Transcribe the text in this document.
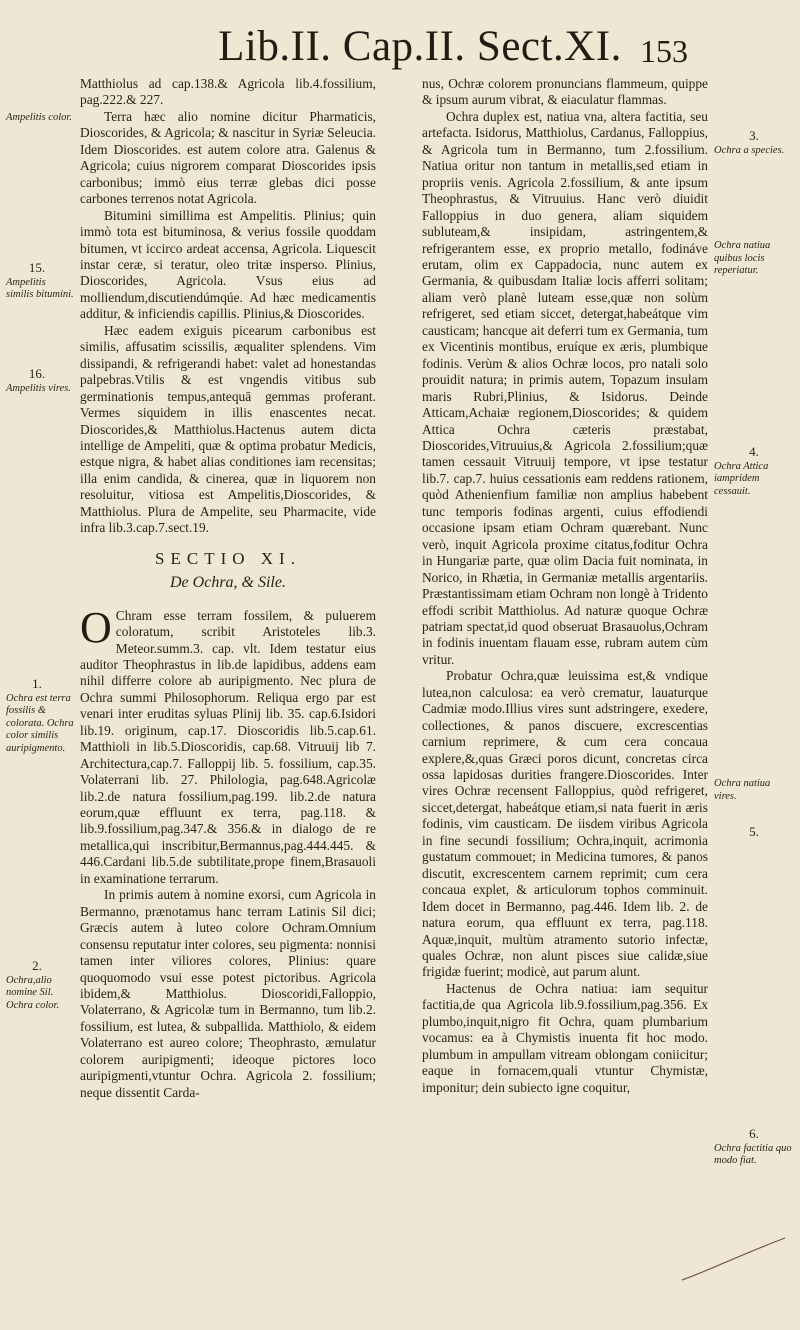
Lib.II. Cap.II. Sect.XI. 153
Ampelitis color.
15.
Ampelitis similis bitumini.
16.
Ampelitis vires.
1.
Ochra est terra fossilis & colorata. Ochra color similis auripigmento.
2.
Ochra,alio nomine Sil. Ochra color.

Matthiolus ad cap.138.& Agricola lib.4.fossilium, pag.222.& 227.

Terra hæc alio nomine dicitur Pharmaticis, Dioscorides, & Agricola; & nascitur in Syriæ Seleucia. Idem Dioscorides. est autem colore atra. Galenus & Agricola; cuius nigrorem comparat Dioscorides ipsis carbonibus; immò eius terræ glebas dici posse carbones terrenos notat Agricola.

Bitumini simillima est Ampelitis. Plinius; quin immò tota est bituminosa, & verius fossile quoddam bitumen, vt iccirco ardeat accensa, Agricola. Liquescit instar ceræ, si teratur, oleo tritæ insperso. Plinius, Dioscorides, Agricola. Vsus eius ad molliendum,discutiendúmqúe. Ad hæc medicamentis additur, & inficiendis capillis. Plinius,& Dioscorides.

Hæc eadem exiguis picearum carbonibus est similis, affusatim scissilis, æqualiter splendens. Vim dissipandi, & refrigerandi habet: valet ad honestandas palpebras.Vtilis & est vngendis vitibus sub germinationis tempus,antequā gemmas proferant. Vermes siquidem in illis enascentes necat. Dioscorides,& Matthiolus.Hactenus autem dicta intellige de Ampeliti, quæ & optima probatur Medicis, estque nigra, & habet alias conditiones iam recensitas; illa enim candida, & cinerea, quæ in liquorem non resoluitur, vitiosa est Ampelitis,Dioscorides, & Matthiolus. Plura de Ampelite, seu Pharmacite, vide infra lib.3.cap.7.sect.19.

SECTIO XI.
De Ochra, & Sile.

O Chram esse terram fossilem, & puluerem coloratum, scribit Aristoteles lib.3. Meteor.summ.3. cap. vlt. Idem testatur eius auditor Theophrastus in lib.de lapidibus, addens eam nihil differre colore ab auripigmento. Nec plura de Ochra summi Philosophorum. Reliqua ergo par est venari inter eruditas syluas Plinij lib. 35. cap.6.Isidori lib.19. originum, cap.17. Dioscoridis lib.5.cap.61. Matthioli in lib.5.Dioscoridis, cap.68. Vitruuij lib 7. Architectura,cap.7. Falloppij lib. 5. fossilium, cap.35. Volaterrani lib. 27. Philologia, pag.648.Agricolæ lib.2.de natura fossilium,pag.199. lib.2.de natura eorum,quæ effluunt ex terra, pag.118. & lib.9.fossilium,pag.347.& 356.& in dialogo de re metallica,qui inscribitur,Bermannus,pag.444.445. & 446.Cardani lib.5.de subtilitate,prope finem,Brasauoli in examinatione terrarum.

In primis autem à nomine exorsi, cum Agricola in Bermanno, prænotamus hanc terram Latinis Sil dici; Græcis autem à luteo colore Ochram.Omnium consensu reputatur inter colores, seu pigmenta: nonnisi tamen inter viliores colores, Plinius: quare quoquomodo vsui esse potest pictoribus. Agricola ibidem,& Matthiolus. Dioscoridi,Falloppio, Volaterrano, & Agricolæ tum in Bermanno, tum lib.2. fossilium, est lutea, & subpallida. Matthiolo, & eidem Volaterrano est aureo colore; Theophrasto, æmulatur colorem auripigmenti; ideoque pictores loco auripigmenti,vtuntur Ochra. Agricola 2. fossilium; neque dissentit Carda-

nus, Ochræ colorem pronuncians flammeum, quippe & ipsum aurum vibrat, & eiaculatur flammas.

Ochra duplex est, natiua vna, altera factitia, seu artefacta. Isidorus, Matthiolus, Cardanus, Falloppius, & Agricola tum in Bermanno, tum 2.fossilium. Natiua oritur non tantum in metallis,sed etiam in propriis venis. Agricola 2.fossilium, & ante ipsum Theophrastus, & Vitruuius. Hanc verò diuidit Falloppius in duo genera, aliam siquidem subluteam,& insipidam, astringentem,& refrigerantem esse, ex proprio metallo, fodináve erutam, olim ex Cappadocia, nunc autem ex Germania, & quibusdam Italiæ locis afferri solitam; aliam verò planè luteam esse,quæ non solùm refrigeret, sed etiam siccet, detergat,habeátque vim causticam; hancque ait deferri tum ex Germania, tum ex Vicentinis montibus, eruíque ex æris, plumbique fodinis. Verùm & alios Ochræ locos, pro natali solo prouidit natura; in primis autem, Topazum insulam maris Rubri,Plinius, & Isidorus. Deinde Atticam,Achaiæ regionem,Dioscorides; & quidem Attica Ochra cæteris præstabat, Dioscorides,Vitruuius,& Agricola 2.fossilium;quæ tamen cessauit Vitruuij tempore, vt ipse testatur lib.7. cap.7. huius cessationis eam reddens rationem, quòd Athenienfium familiæ non amplius habebent tunc temporis fodinas argenti, cuius effodiendi occasione ipsam etiam Ochram quærebant. Nunc verò, inquit Agricola proxime citatus,foditur Ochra in Hungariæ parte, quæ olim Dacia fuit nominata, in Norico, in Rhætia, in Germaniæ metallis argentariis. Præstantissimam etiam Ochram non longè à Tridento effodi scribit Matthiolus. Ad naturæ quoque Ochræ patriam spectat,id quod obseruat Brasauolus,Ochram in fodinis inuentam flauam esse, rubram autem cùm vritur.

Probatur Ochra,quæ leuissima est,& vndique lutea,non calculosa: ea verò crematur, lauaturque Cadmiæ modo.Illius vires sunt adstringere, exedere, collectiones, & panos discuere, excrescentias carnium reprimere, & cum cera concaua explere,&,quas Græci poros dicunt, concretas circa ossa lapidosas durities frangere.Dioscorides. Inter vires Ochræ recensent Falloppius, quòd refrigeret, siccet,detergat, habeátque etiam,si nata fuerit in æris fodinis, vim causticam. De iisdem viribus Agricola in fine secundi fossilium; Ochra,inquit, acrimonia gustatum commouet; in Medicina tumores, & panos discutit, excrescentem carnem reprimit; cum cera concaua explet, & articulorum tophos comminuit. Idem docet in Bermanno, pag.446. Idem lib. 2. de natura eorum, qua effluunt ex terra, pag.118. Aquæ,inquit, multùm atramento sutorio infectæ, quales Ochræ, non alunt pisces siue calidæ,siue frigidæ fuerint; modicè, aut parum alunt.

Hactenus de Ochra natiua: iam sequitur factitia,de qua Agricola lib.9.fossilium,pag.356. Ex plumbo,inquit,nigro fit Ochra, quam plumbarium vocamus: ea à Chymistis inuenta fit hoc modo. plumbum in ampullam vitream oblongam coniicitur; eaque in fornacem,quali vtuntur Chymistæ, imponitur; dein subiecto igne coquitur,

3.
Ochra a species.
Ochra natiua quibus locis reperiatur.
4.
Ochra Attica iampridem cessauit.
Ochra natiua vires.
5.
6.
Ochra factitia quo modo fiat.
